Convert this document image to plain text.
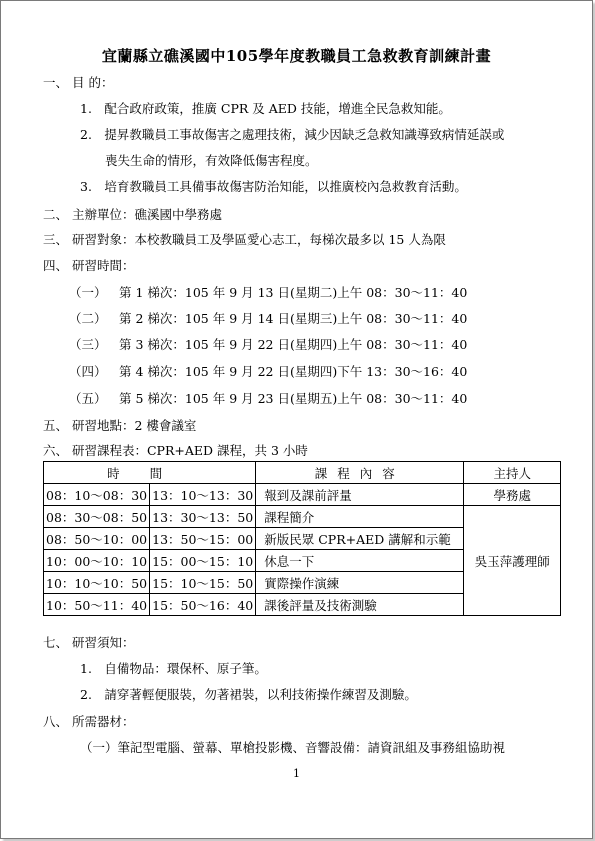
宜蘭縣立礁溪國中105學年度教職員工急救教育訓練計畫
一、 目 的：
1.　配合政府政策，推廣 CPR 及 AED 技能，增進全民急救知能。
2.　提昇教職員工事故傷害之處理技術，減少因缺乏急救知識導致病情延誤或
喪失生命的情形，有效降低傷害程度。
3.　培育教職員工具備事故傷害防治知能，以推廣校內急救教育活動。
二、 主辦單位：礁溪國中學務處
三、 研習對象：本校教職員工及學區愛心志工，每梯次最多以 15 人為限
四、 研習時間：
（一） 第 1 梯次：105 年 9 月 13 日(星期二)上午 08：30～11：40
（二） 第 2 梯次：105 年 9 月 14 日(星期三)上午 08：30～11：40
（三） 第 3 梯次：105 年 9 月 22 日(星期四)上午 08：30～11：40
（四） 第 4 梯次：105 年 9 月 22 日(星期四)下午 13：30～16：40
（五） 第 5 梯次：105 年 9 月 23 日(星期五)上午 08：30～11：40
五、 研習地點：2 樓會議室
六、 研習課程表：CPR+AED 課程，共 3 小時
時間		課程內容	主持人
08：10～08：30	13：10～13：30	報到及課前評量	學務處
08：30～08：50	13：30～13：50	課程簡介	吳玉萍護理師
08：50～10：00	13：50～15：00	新版民眾 CPR+AED 講解和示範	
10：00～10：10	15：00～15：10	休息一下	
10：10～10：50	15：10～15：50	實際操作演練	
10：50～11：40	15：50～16：40	課後評量及技術測驗	
七、 研習須知：
1.　自備物品：環保杯、原子筆。
2.　請穿著輕便服裝，勿著裙裝，以利技術操作練習及測驗。
八、 所需器材：
（一）筆記型電腦、螢幕、單槍投影機、音響設備：請資訊組及事務組協助視
1
